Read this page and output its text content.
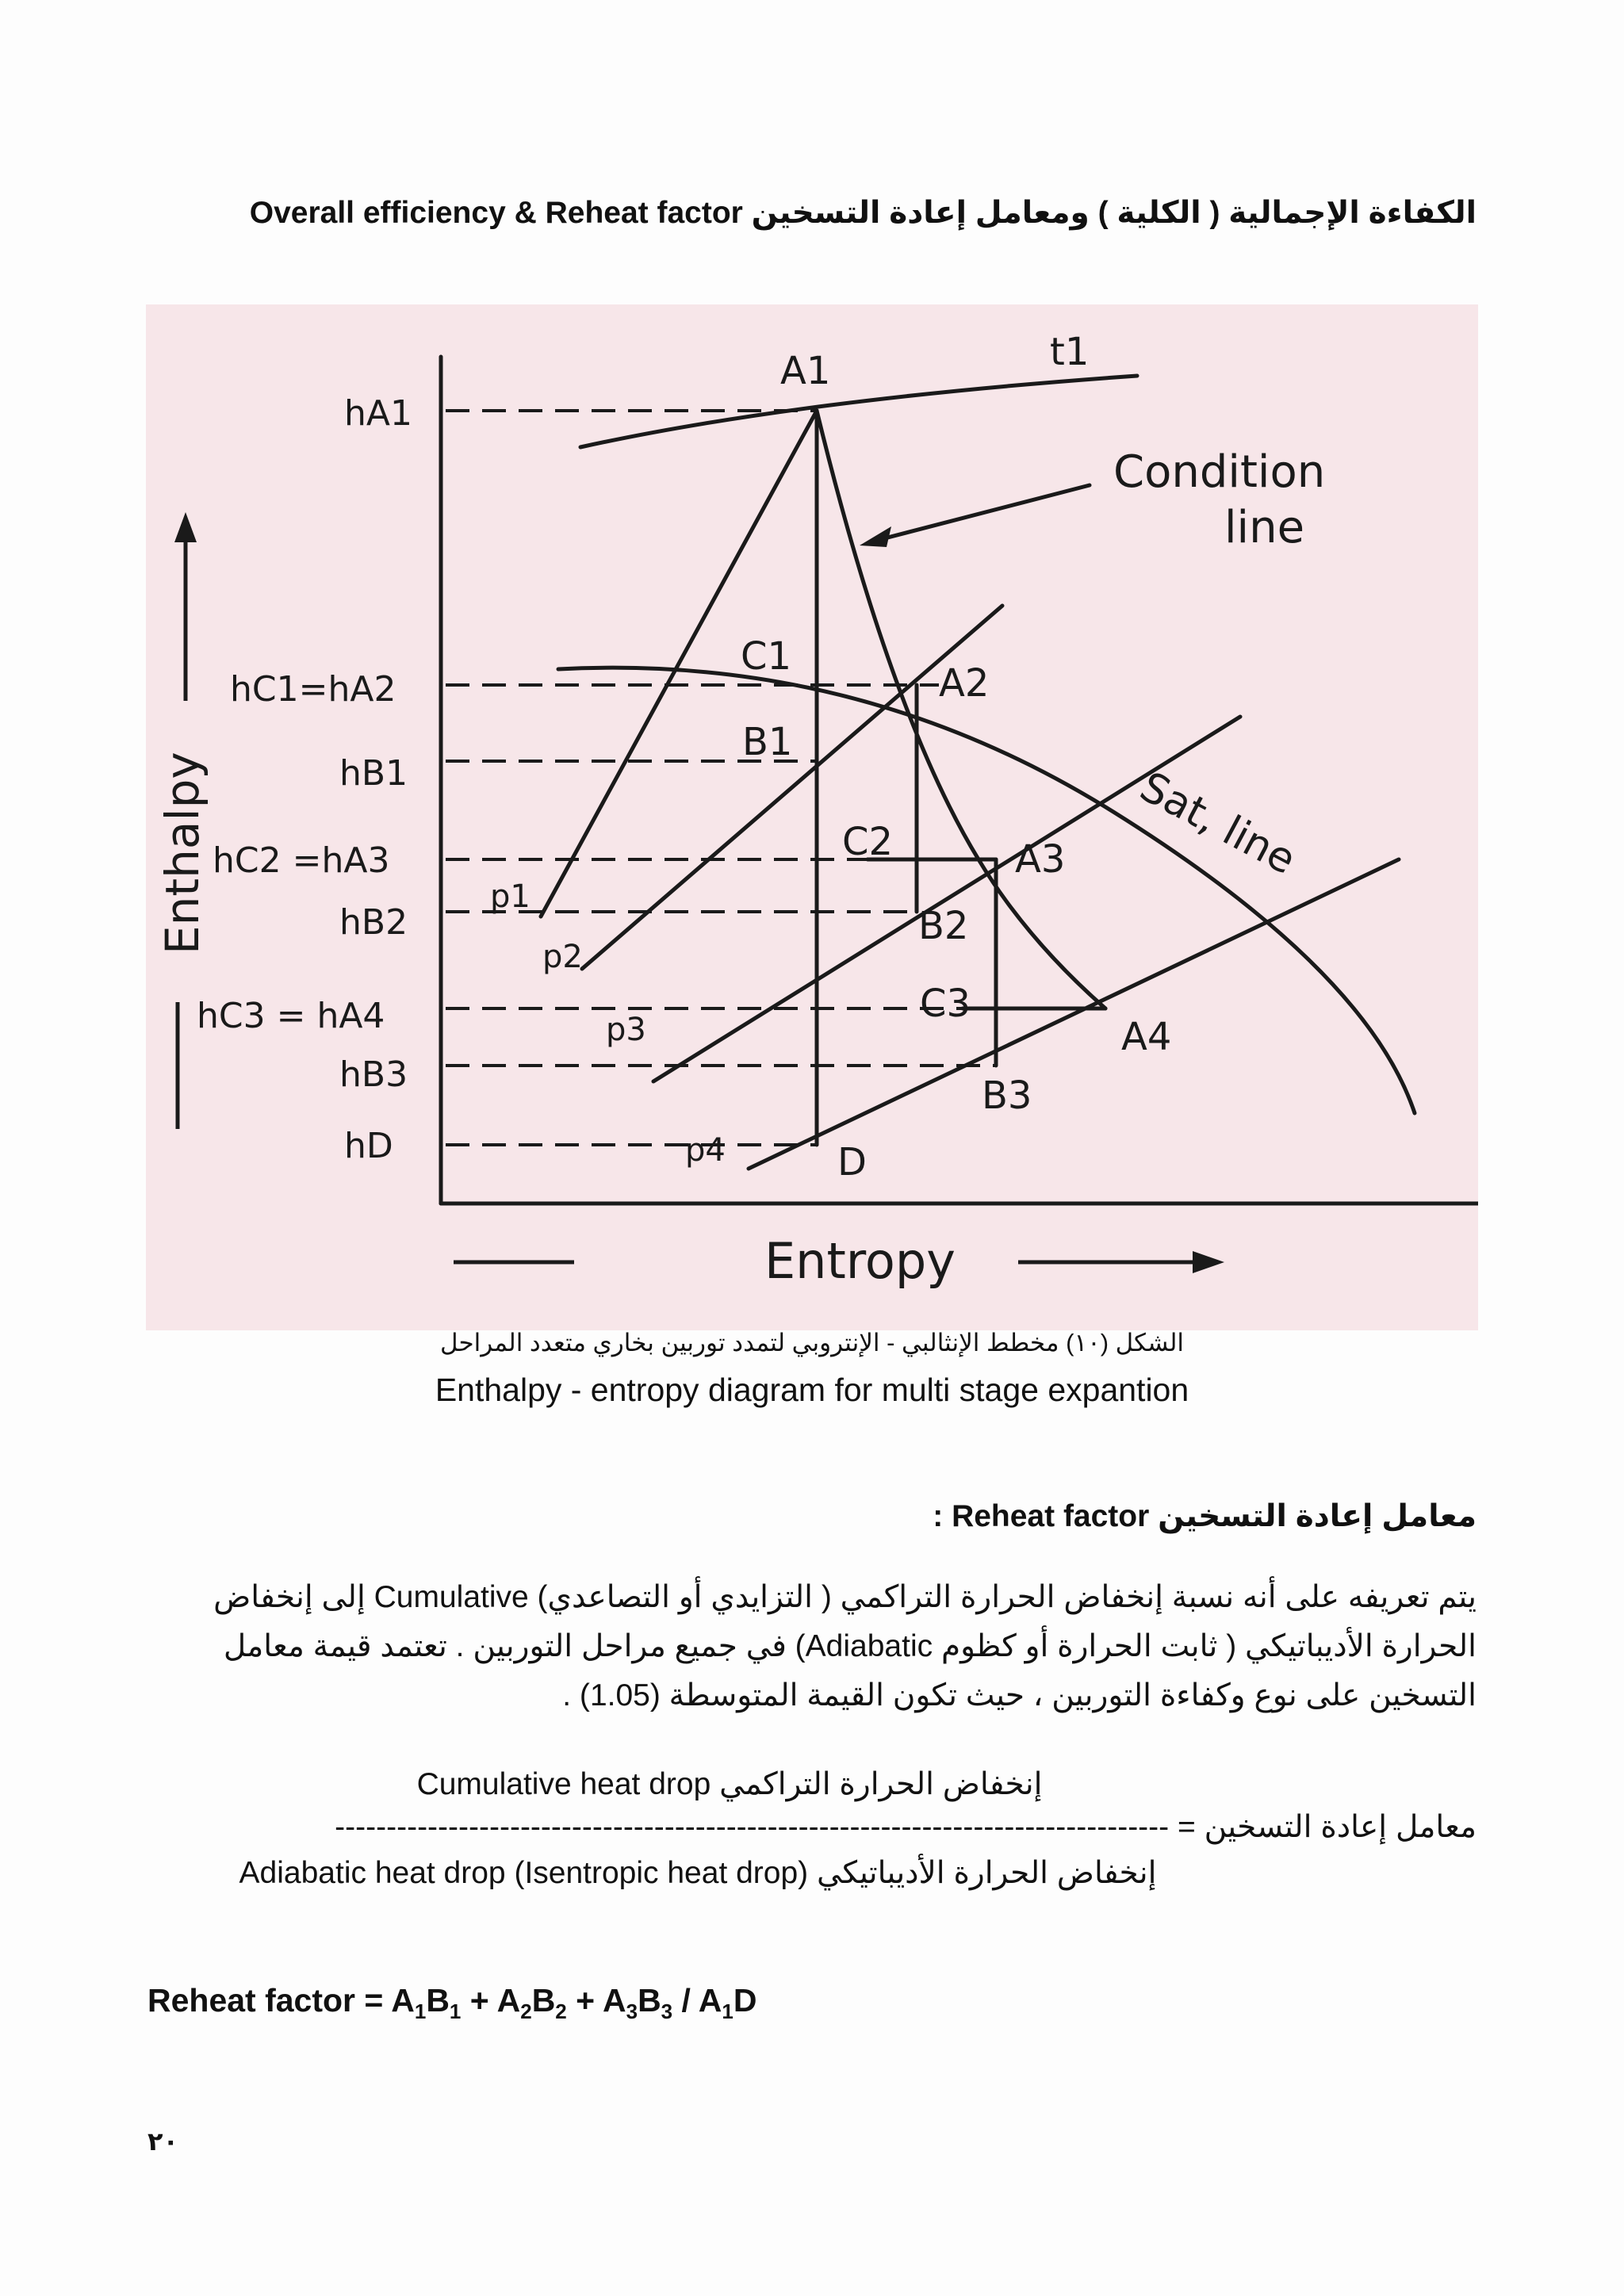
الكفاءة الإجمالية ( الكلية ) ومعامل إعادة التسخين Overall efficiency & Reheat factor
A1	t1
Condition
line
C1
A2
B1
C2	A3
B2
C3
A4
B3
D
p1
p2
p3
p4
Sat, line
hA1
hC1=hA2
hB1
hC2 =hA3
hB2
hC3 = hA4
hB3
hD
Enthalpy
Entropy
الشكل (١٠) مخطط الإنثالبي - الإنتروبي لتمدد توربين بخاري متعدد المراحل
Enthalpy - entropy diagram for multi stage expantion
معامل إعادة التسخين Reheat factor :
يتم تعريفه على أنه نسبة إنخفاض الحرارة التراكمي ( التزايدي أو التصاعدي) Cumulative إلى إنخفاض الحرارة الأديباتيكي ( ثابت الحرارة أو كظوم Adiabatic) في جميع مراحل التوربين . تعتمد قيمة معامل التسخين على نوع وكفاءة التوربين ، حيث تكون القيمة المتوسطة (1.05) .
إنخفاض الحرارة التراكمي Cumulative heat drop
معامل إعادة التسخين = ---------------------------------------------------------------------------------
إنخفاض الحرارة الأديباتيكي (Isentropic heat drop) Adiabatic heat drop
Reheat factor = $A_1B_1 + A_2B_2 + A_3B_3 / A_1D$
٢٠
